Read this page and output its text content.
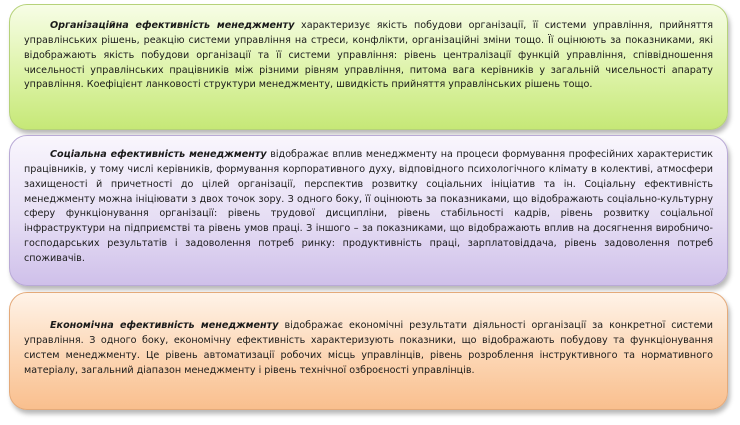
Організаційна ефективність менеджменту характеризує якість побудови організації, її системи управління, прийняття управлінських рішень, реакцію системи управління на стреси, конфлікти, організаційні зміни тощо. Її оцінюють за показниками, які відображають якість побудови організації та її системи управління: рівень централізації функцій управління, співвідношення чисельності управлінських працівників між різними рівням управління, питома вага керівників у загальній чисельності апарату управління. Коефіцієнт ланковості структури менеджменту, швидкість прийняття управлінських рішень тощо.

Соціальна ефективність менеджменту відображає вплив менеджменту на процеси формування професійних характеристик працівників, у тому числі керівників, формування корпоративного духу, відповідного психологічного клімату в колективі, атмосфери захищеності й причетності до цілей організації, перспектив розвитку соціальних ініціатив та ін. Соціальну ефективність менеджменту можна ініціювати з двох точок зору. З одного боку, її оцінюють за показниками, що відображають соціально-культурну сферу функціонування організації: рівень трудової дисципліни, рівень стабільності кадрів, рівень розвитку соціальної інфраструктури на підприємстві та рівень умов праці. З іншого – за показниками, що відображають вплив на досягнення виробничо-господарських результатів і задоволення потреб ринку: продуктивність праці, зарплатовіддача, рівень задоволення потреб споживачів.

Економічна ефективність менеджменту відображає економічні результати діяльності організації за конкретної системи управління. З одного боку, економічну ефективність характеризують показники, що відображають побудову та функціонування систем менеджменту. Це рівень автоматизації робочих місць управлінців, рівень розроблення інструктивного та нормативного матеріалу, загальний діапазон менеджменту і рівень технічної озброєності управлінців.
